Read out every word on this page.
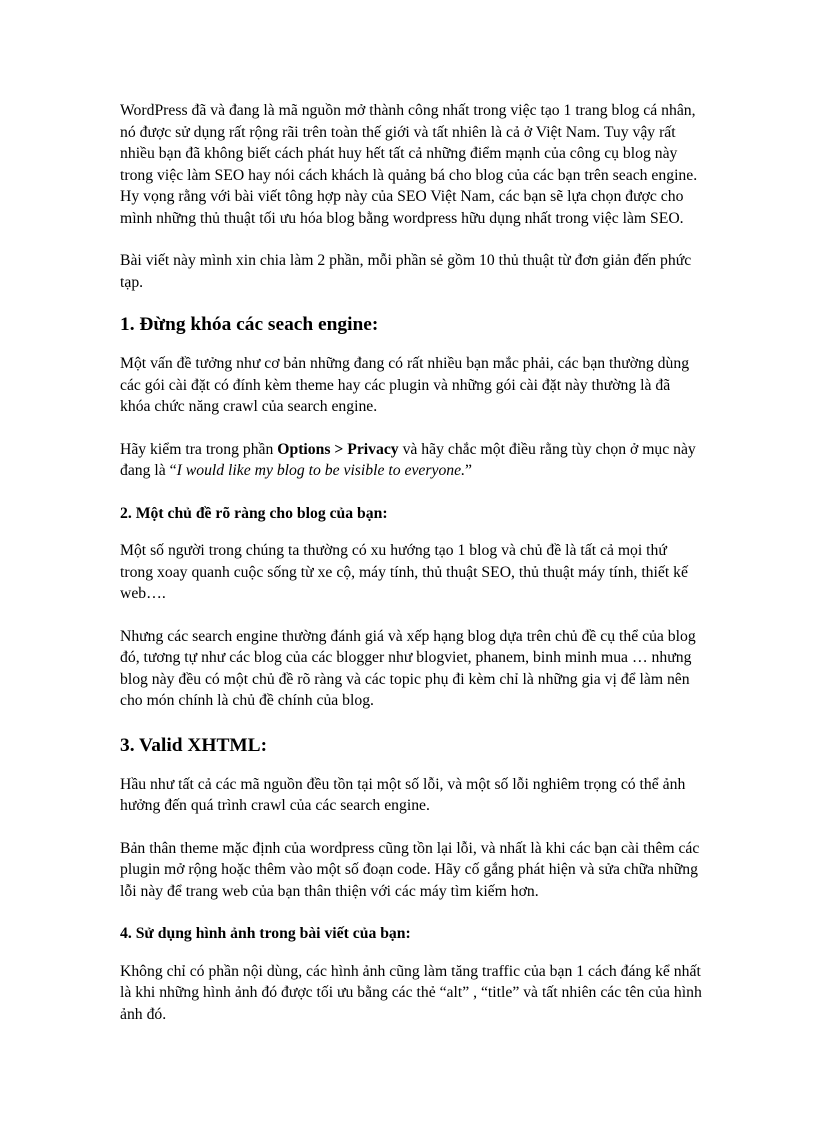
WordPress đã và đang là mã nguồn mở thành công nhất trong việc tạo 1 trang blog cá nhân, nó được sử dụng rất rộng rãi trên toàn thế giới và tất nhiên là cả ở Việt Nam. Tuy vậy rất nhiều bạn đã không biết cách phát huy hết tất cả những điểm mạnh của công cụ blog này trong việc làm SEO hay nói cách khách là quảng bá cho blog của các bạn trên seach engine. Hy vọng rằng với bài viết tông hợp này của SEO Việt Nam, các bạn sẽ lựa chọn được cho mình những thủ thuật tối ưu hóa blog bằng wordpress hữu dụng nhất trong việc làm SEO.

Bài viết này mình xin chia làm 2 phần, mỗi phần sẻ gồm 10 thủ thuật từ đơn giản đến phức tạp.

1. Đừng khóa các seach engine:

Một vấn đề tưởng như cơ bản những đang có rất nhiều bạn mắc phải, các bạn thường dùng các gói cài đặt có đính kèm theme hay các plugin và những gói cài đặt này thường là đã khóa chức năng crawl của search engine.

Hãy kiểm tra trong phần Options > Privacy và hãy chắc một điều rằng tùy chọn ở mục này đang là “I would like my blog to be visible to everyone.”

2. Một chủ đề rõ ràng cho blog của bạn:

Một số người trong chúng ta thường có xu hướng tạo 1 blog và chủ đề là tất cả mọi thứ trong xoay quanh cuộc sống từ xe cộ, máy tính, thủ thuật SEO, thủ thuật máy tính, thiết kế web….

Nhưng các search engine thường đánh giá và xếp hạng blog dựa trên chủ đề cụ thể của blog đó, tương tự như các blog của các blogger như blogviet, phanem, binh minh mua … nhưng blog này đều có một chủ đề rõ ràng và các topic phụ đi kèm chỉ là những gia vị để làm nên cho món chính là chủ đề chính của blog.

3. Valid XHTML:

Hầu như tất cả các mã nguồn đều tồn tại một số lỗi, và một số lỗi nghiêm trọng có thể ảnh hưởng đến quá trình crawl của các search engine.

Bản thân theme mặc định của wordpress cũng tồn lại lỗi, và nhất là khi các bạn cài thêm các plugin mở rộng hoặc thêm vào một số đoạn code. Hãy cố gắng phát hiện và sửa chữa những lỗi này để trang web của bạn thân thiện với các máy tìm kiếm hơn.

4. Sử dụng hình ảnh trong bài viết của bạn:

Không chỉ có phần nội dùng, các hình ảnh cũng làm tăng traffic của bạn 1 cách đáng kể nhất là khi những hình ảnh đó được tối ưu bằng các thẻ “alt” , “title” và tất nhiên các tên của hình ảnh đó.
